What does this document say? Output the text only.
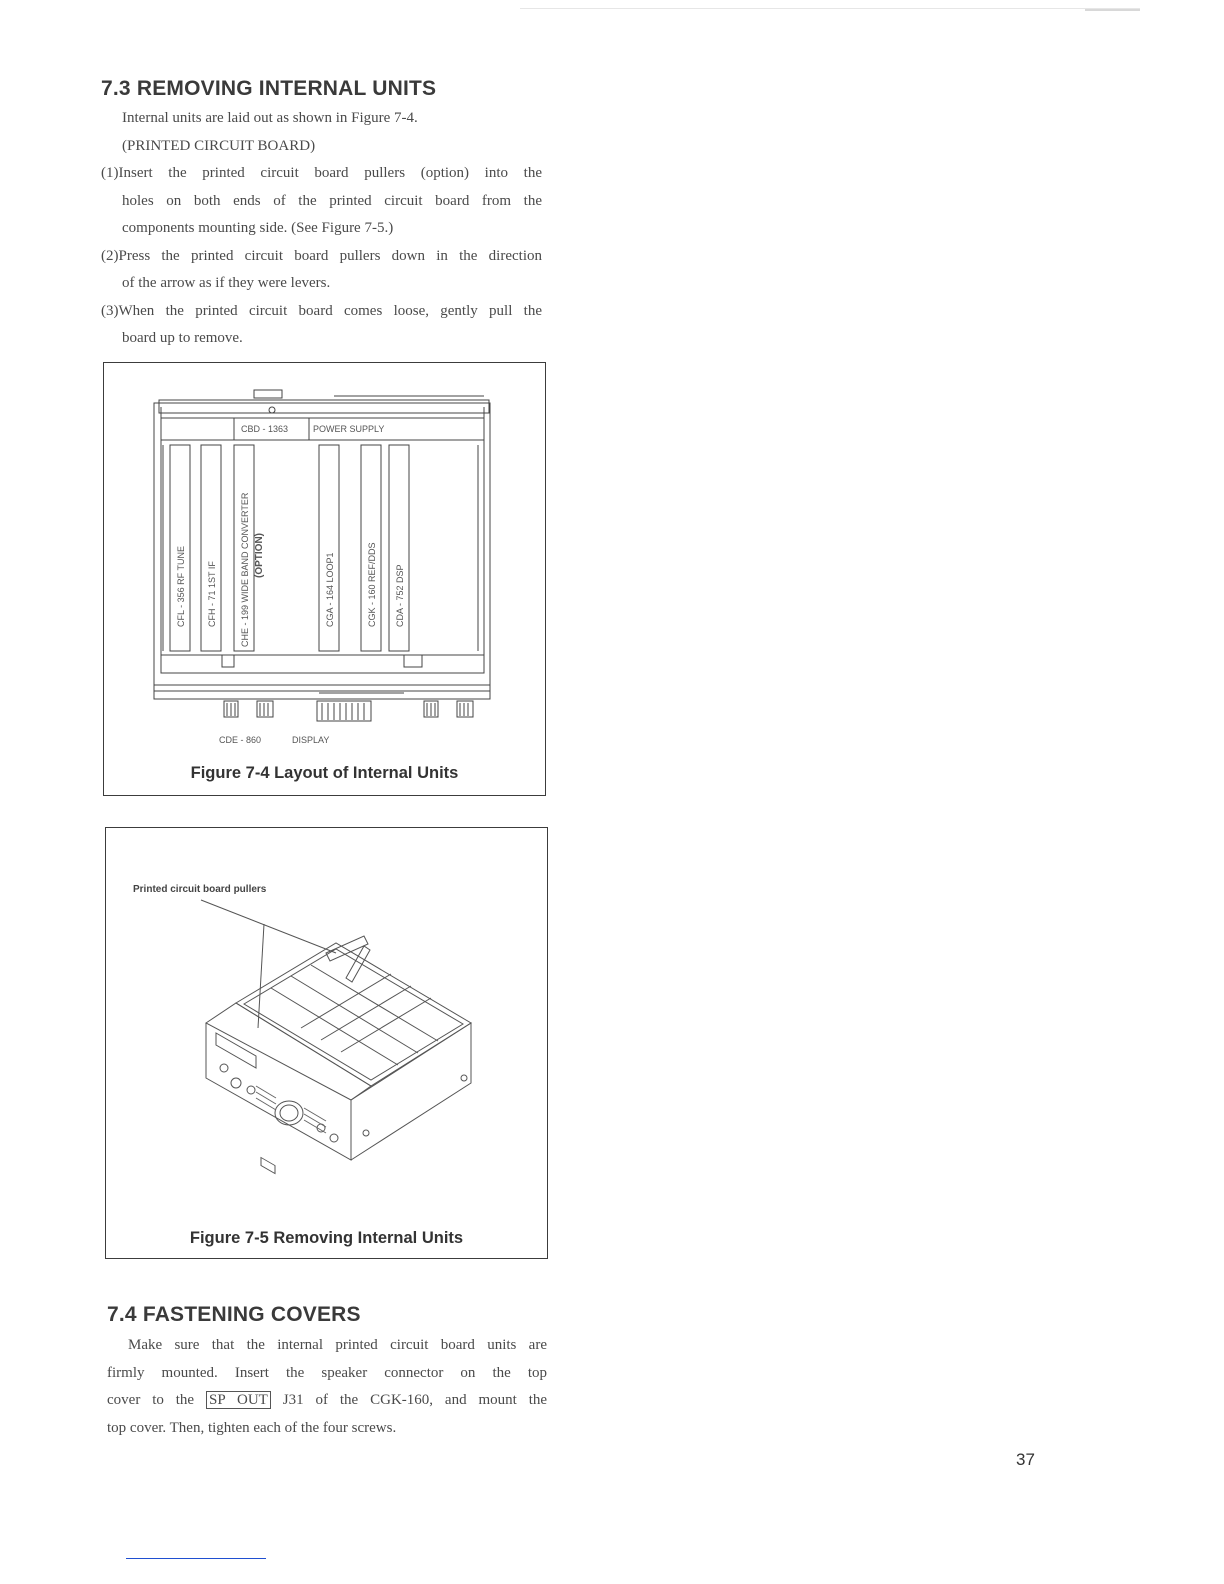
7.3 REMOVING INTERNAL UNITS

Internal units are laid out as shown in Figure 7-4.

(PRINTED CIRCUIT BOARD)

(1)Insert the printed circuit board pullers (option) into the

holes on both ends of the printed circuit board from the

components mounting side. (See Figure 7-5.)

(2)Press the printed circuit board pullers down in the direction

of the arrow as if they were levers.

(3)When the printed circuit board comes loose, gently pull the

board up to remove.

CBD - 1363	POWER SUPPLY
CFL - 356 RF TUNE CFH - 71 1ST IF	CHE - 199 WIDE BAND CONVERTER (OPTION)	CGA - 164 LOOP1	CGK - 160 REF/DDS CDA - 752 DSP
CDE - 860	DISPLAY
Figure 7-4 Layout of Internal Units
Printed circuit board pullers
Figure 7-5 Removing Internal Units
7.4 FASTENING COVERS

Make sure that the internal printed circuit board units are

firmly mounted. Insert the speaker connector on the top

cover to the SP OUT J31 of the CGK-160, and mount the

top cover. Then, tighten each of the four screws.

37
